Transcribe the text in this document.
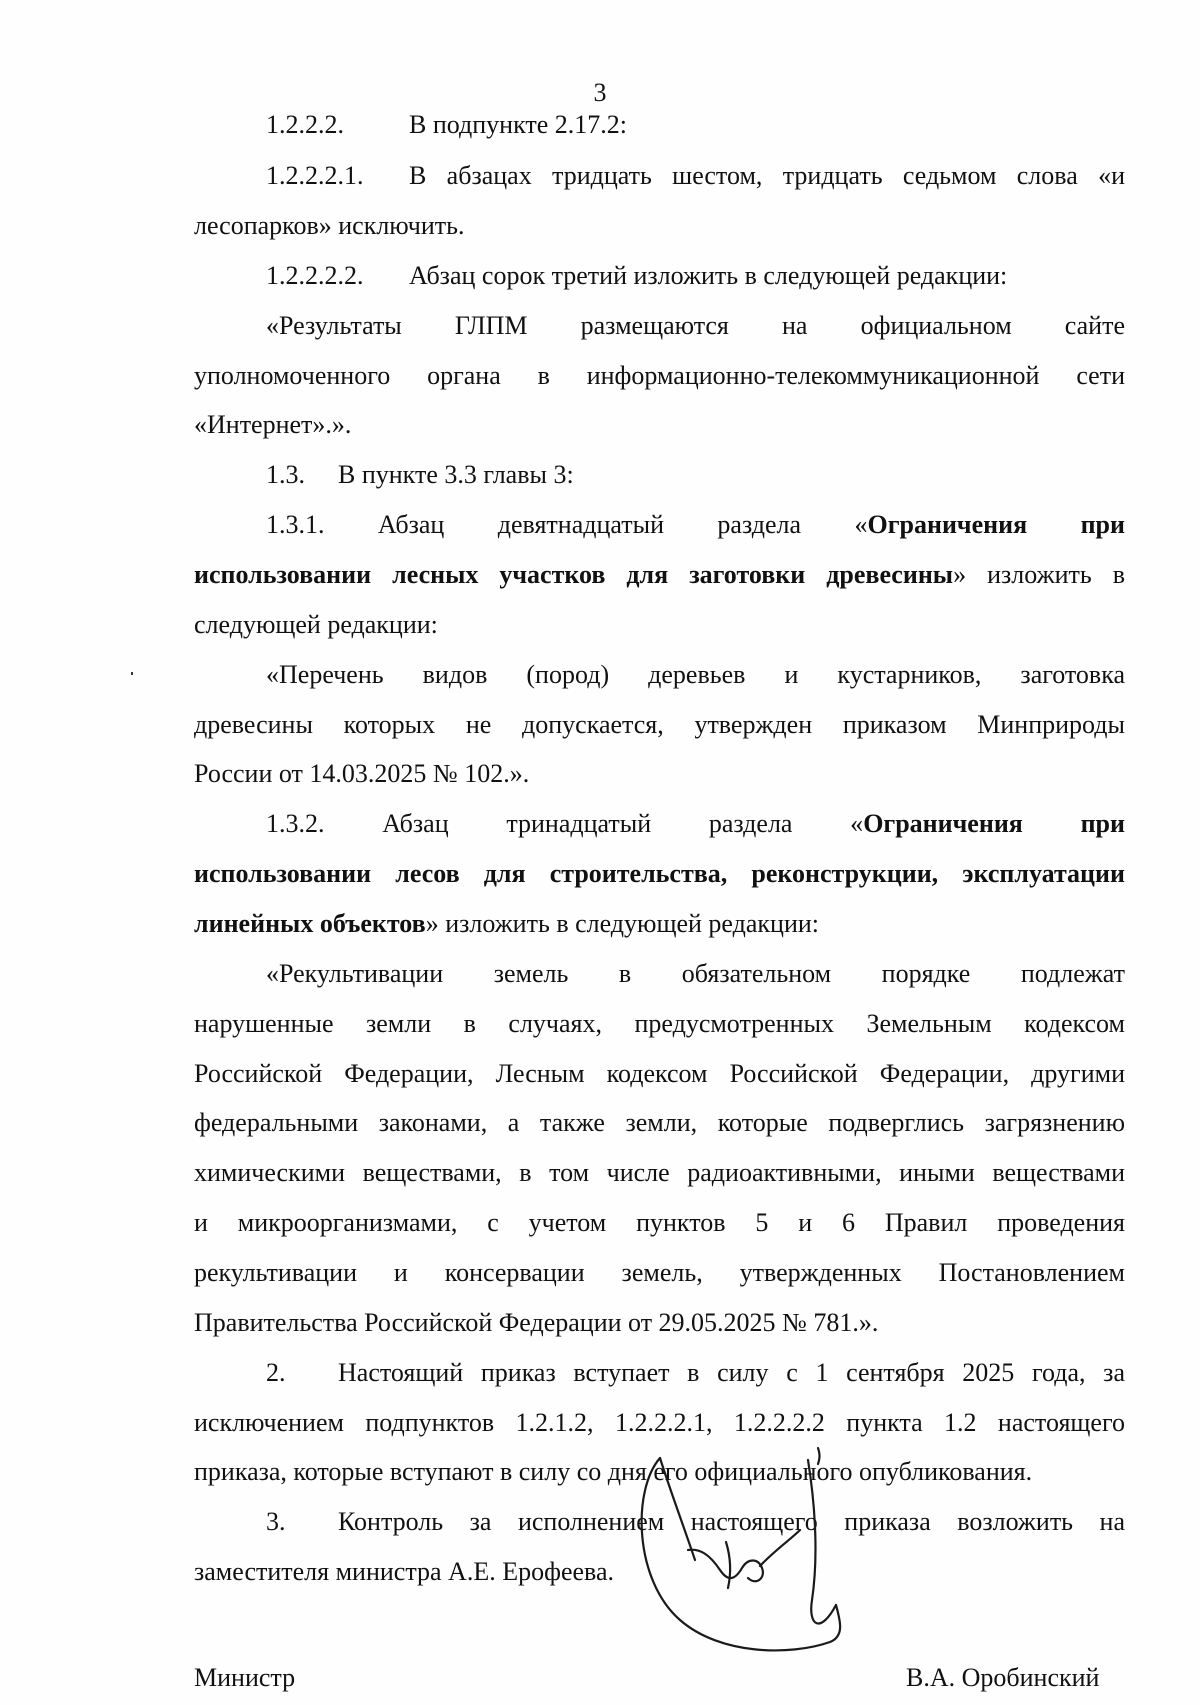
3
1.2.2.2.	В подпункте 2.17.2:
1.2.2.2.1. В абзацах тридцать шестом, тридцать седьмом слова «и
лесопарков» исключить.
1.2.2.2.2. Абзац сорок третий изложить в следующей редакции:
«Результаты ГЛПМ размещаются на официальном сайте
уполномоченного органа в информационно-телекоммуникационной сети
«Интернет».».
1.3. В пункте 3.3 главы 3:
1.3.1. Абзац девятнадцатый раздела «Ограничения при
использовании лесных участков для заготовки древесины» изложить в
следующей редакции:
«Перечень видов (пород) деревьев и кустарников, заготовка
древесины которых не допускается, утвержден приказом Минприроды
России от 14.03.2025 № 102.».
1.3.2. Абзац тринадцатый раздела «Ограничения при
использовании лесов для строительства, реконструкции, эксплуатации
линейных объектов» изложить в следующей редакции:
«Рекультивации земель в обязательном порядке подлежат
нарушенные земли в случаях, предусмотренных Земельным кодексом
Российской Федерации, Лесным кодексом Российской Федерации, другими
федеральными законами, а также земли, которые подверглись загрязнению
химическими веществами, в том числе радиоактивными, иными веществами
и микроорганизмами, с учетом пунктов 5 и 6 Правил проведения
рекультивации и консервации земель, утвержденных Постановлением
Правительства Российской Федерации от 29.05.2025 № 781.».
2. Настоящий приказ вступает в силу с 1 сентября 2025 года, за
исключением подпунктов 1.2.1.2, 1.2.2.2.1, 1.2.2.2.2 пункта 1.2 настоящего
приказа, которые вступают в силу со дня его официального опубликования.
3. Контроль за исполнением настоящего приказа возложить на
заместителя министра А.Е. Ерофеева.
Министр	В.А. Оробинский
